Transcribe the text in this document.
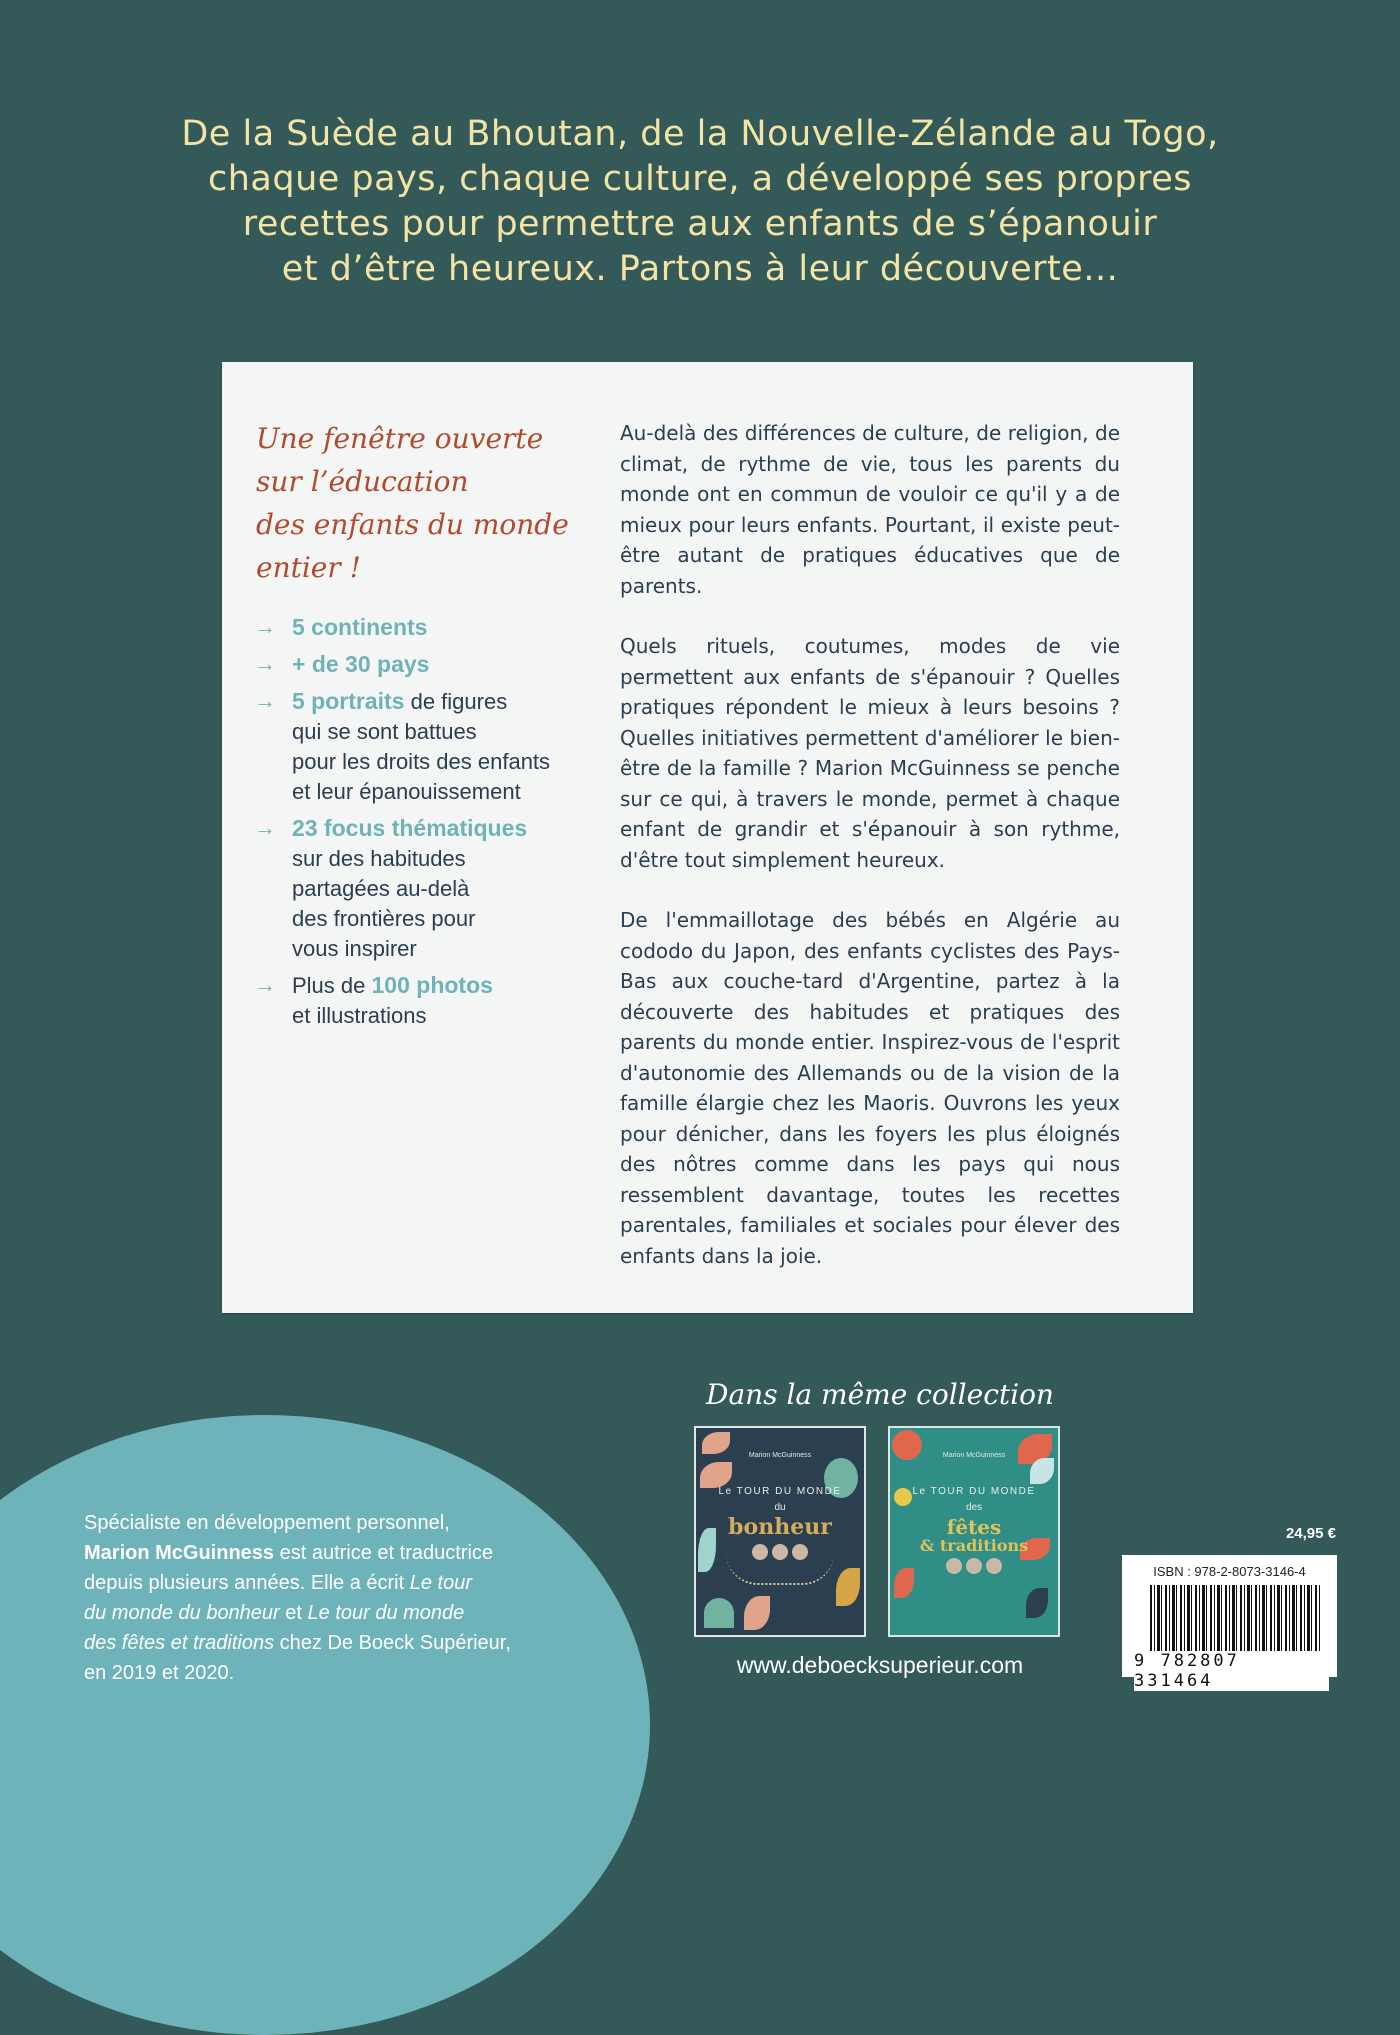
De la Suède au Bhoutan, de la Nouvelle-Zélande au Togo,
chaque pays, chaque culture, a développé ses propres
recettes pour permettre aux enfants de s’épanouir
et d’être heureux. Partons à leur découverte...
Une fenêtre ouverte
sur l’éducation
des enfants du monde
entier !
→ 5 continents
→ + de 30 pays
→ 5 portraits de figures
qui se sont battues
pour les droits des enfants
et leur épanouissement
→ 23 focus thématiques
sur des habitudes
partagées au-delà
des frontières pour
vous inspirer
→ Plus de 100 photos
et illustrations

Au-delà des différences de culture, de religion, de climat, de rythme de vie, tous les parents du monde ont en commun de vouloir ce qu'il y a de mieux pour leurs enfants. Pourtant, il existe peut-être autant de pratiques éducatives que de parents.

Quels rituels, coutumes, modes de vie permettent aux enfants de s'épanouir ? Quelles pratiques répondent le mieux à leurs besoins ? Quelles initiatives permettent d'améliorer le bien-être de la famille ? Marion McGuinness se penche sur ce qui, à travers le monde, permet à chaque enfant de grandir et s'épanouir à son rythme, d'être tout simplement heureux.

De l'emmaillotage des bébés en Algérie au cododo du Japon, des enfants cyclistes des Pays-Bas aux couche-tard d'Argentine, partez à la découverte des habitudes et pratiques des parents du monde entier. Inspirez-vous de l'esprit d'autonomie des Allemands ou de la vision de la famille élargie chez les Maoris. Ouvrons les yeux pour dénicher, dans les foyers les plus éloignés des nôtres comme dans les pays qui nous ressemblent davantage, toutes les recettes parentales, familiales et sociales pour élever des enfants dans la joie.

Spécialiste en développement personnel,
Marion McGuinness est autrice et traductrice
depuis plusieurs années. Elle a écrit Le tour
du monde du bonheur et Le tour du monde
des fêtes et traditions chez De Boeck Supérieur,
en 2019 et 2020.
Dans la même collection
Marion McGuinness
Le TOUR DU MONDE
du
bonheur
Marion McGuinness
Le TOUR DU MONDE
des
fêtes
& traditions
www.deboecksuperieur.com
24,95 €
ISBN : 978-2-8073-3146-4
9 782807 331464
